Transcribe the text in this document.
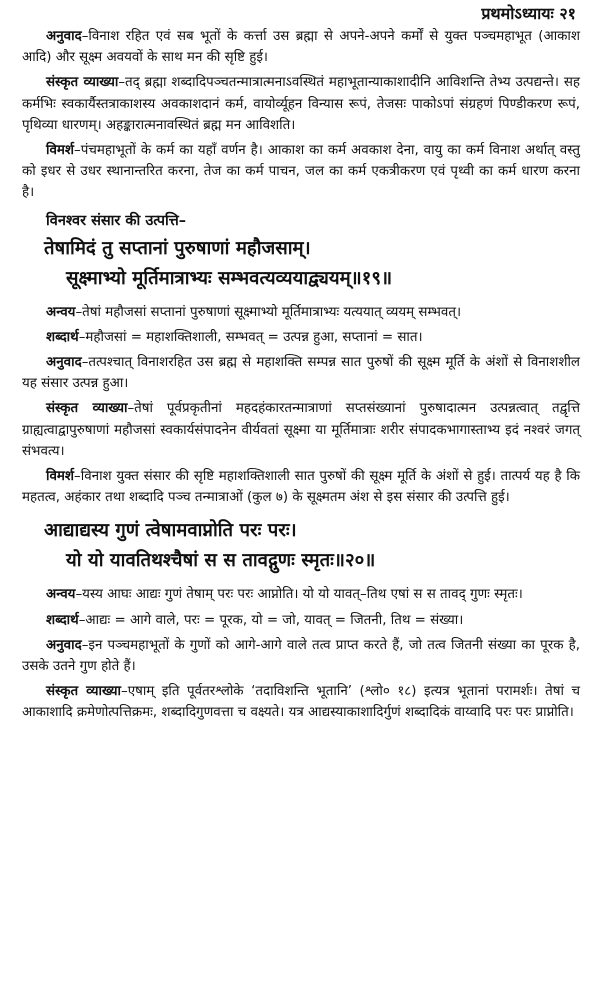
प्रथमोऽध्यायः २१

अनुवाद–विनाश रहित एवं सब भूतों के कर्त्ता उस ब्रह्मा से अपने-अपने कर्मों से युक्त पञ्चमहाभूत (आकाश आदि) और सूक्ष्म अवयवों के साथ मन की सृष्टि हुई।

संस्कृत व्याख्या–तद् ब्रह्मा शब्दादिपञ्चतन्मात्रात्मनाऽवस्थितं महाभूतान्याकाशादीनि आविशन्ति तेभ्य उत्पद्यन्ते। सह कर्मभिः स्वकार्यैस्तत्राकाशस्य अवकाशदानं कर्म, वायोर्व्यूहन विन्यास रूपं, तेजसः पाकोऽपां संग्रहणं पिण्डीकरण रूपं, पृथिव्या धारणम्। अहङ्कारात्मनावस्थितं ब्रह्म मन आविशति।

विमर्श–पंचमहाभूतों के कर्म का यहाँ वर्णन है। आकाश का कर्म अवकाश देना, वायु का कर्म विनाश अर्थात् वस्तु को इधर से उधर स्थानान्तरित करना, तेज का कर्म पाचन, जल का कर्म एकत्रीकरण एवं पृथ्वी का कर्म धारण करना है।

विनश्वर संसार की उत्पत्ति–
तेषामिदं तु सप्तानां पुरुषाणां महौजसाम्।
सूक्ष्माभ्यो मूर्तिमात्राभ्यः सम्भवत्यव्ययाद्व्ययम्॥१९॥

अन्वय–तेषां महौजसां सप्तानां पुरुषाणां सूक्ष्माभ्यो मूर्तिमात्राभ्यः यत्ययात् व्ययम् सम्भवत्।

शब्दार्थ–महौजसां = महाशक्तिशाली, सम्भवत् = उत्पन्न हुआ, सप्तानां = सात।

अनुवाद–तत्पश्चात् विनाशरहित उस ब्रह्म से महाशक्ति सम्पन्न सात पुरुषों की सूक्ष्म मूर्ति के अंशों से विनाशशील यह संसार उत्पन्न हुआ।

संस्कृत व्याख्या–तेषां पूर्वप्रकृतीनां महदहंकारतन्मात्राणां सप्तसंख्यानां पुरुषादात्मन उत्पन्नत्वात् तद्वृत्ति ग्राह्यत्वाद्वापुरुषाणां महौजसां स्वकार्यसंपादनेन वीर्यवतां सूक्ष्मा या मूर्तिमात्राः शरीर संपादकभागास्ताभ्य इदं नश्वरं जगत् संभवत्य।

विमर्श–विनाश युक्त संसार की सृष्टि महाशक्तिशाली सात पुरुषों की सूक्ष्म मूर्ति के अंशों से हुई। तात्पर्य यह है कि महतत्व, अहंकार तथा शब्दादि पञ्च तन्मात्राओं (कुल ७) के सूक्ष्मतम अंश से इस संसार की उत्पत्ति हुई।

आद्याद्यस्य गुणं त्वेषामवाप्नोति परः परः।
यो यो यावतिथश्चैषां स स तावद्गुणः स्मृतः॥२०॥

अन्वय–यस्य आघः आद्यः गुणं तेषाम् परः परः आप्नोति। यो यो यावत्–तिथ एषां स स तावद् गुणः स्मृतः।

शब्दार्थ–आद्यः = आगे वाले, परः = पूरक, यो = जो, यावत् = जितनी, तिथ = संख्या।

अनुवाद–इन पञ्चमहाभूतों के गुणों को आगे-आगे वाले तत्व प्राप्त करते हैं, जो तत्व जितनी संख्या का पूरक है, उसके उतने गुण होते हैं।

संस्कृत व्याख्या–एषाम् इति पूर्वतरश्लोके ‘तदाविशन्ति भूतानि’ (श्लो० १८) इत्यत्र भूतानां परामर्शः। तेषां च आकाशादि क्रमेणोत्पत्तिक्रमः, शब्दादिगुणवत्ता च वक्ष्यते। यत्र आद्यस्याकाशादिर्गुणं शब्दादिकं वाय्वादि परः परः प्राप्नोति।
